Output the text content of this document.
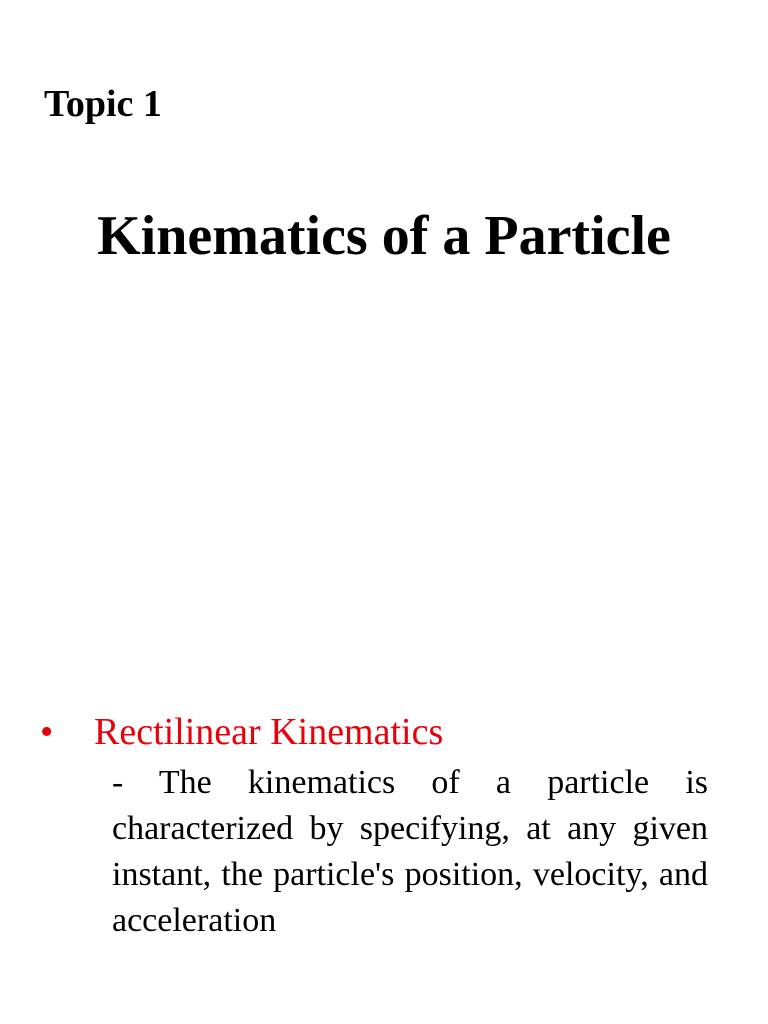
Topic 1
Kinematics of a Particle
• Rectilinear Kinematics
- The kinematics of a particle is characterized by specifying, at any given instant, the particle's position, velocity, and acceleration
